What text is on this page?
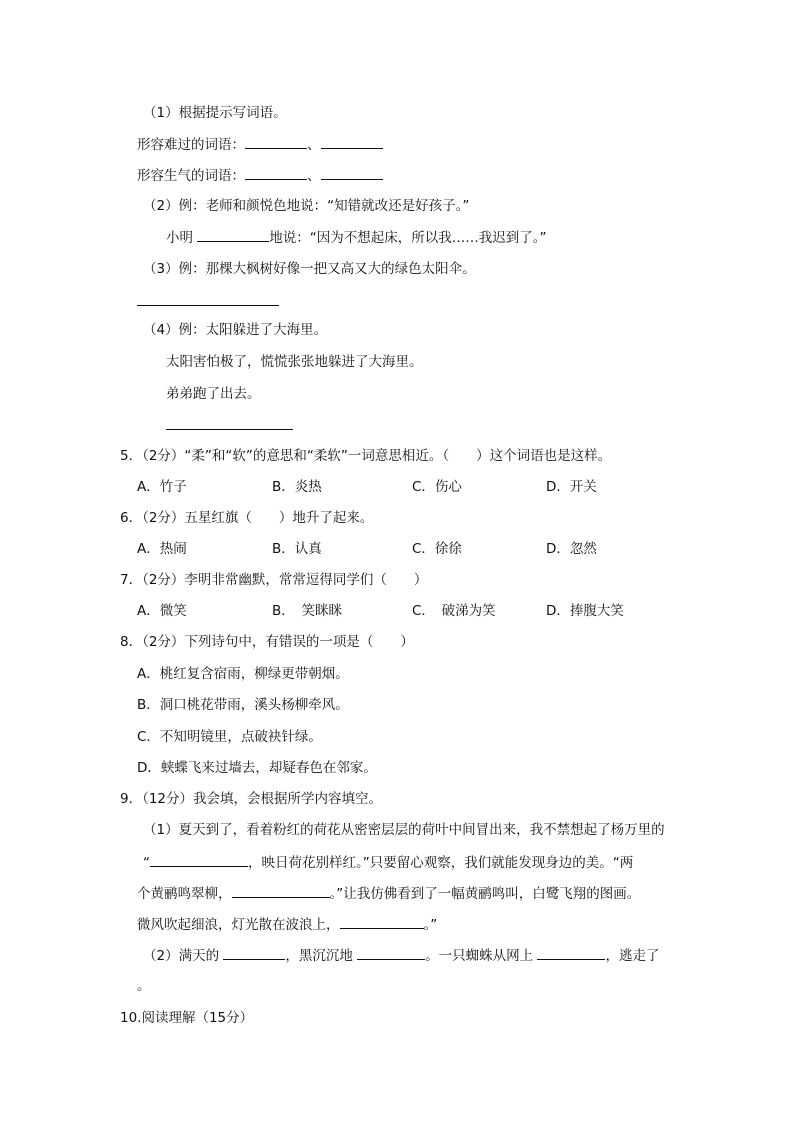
（1）根据提示写词语。
形容难过的词语：	、
形容生气的词语：	、
（2）例：老师和颜悦色地说：“知错就改还是好孩子。”
小明	地说：“因为不想起床，所以我……我迟到了。”
（3）例：那棵大枫树好像一把又高又大的绿色太阳伞。
（4）例：太阳躲进了大海里。
太阳害怕极了，慌慌张张地躲进了大海里。
弟弟跑了出去。
5．（2分）“柔”和“软”的意思和“柔软”一词意思相近。（　　）这个词语也是这样。
A．竹子	B．炎热	C．伤心	D．开关
6．（2分）五星红旗（　　）地升了起来。
A．热闹	B．认真	C．徐徐	D．忽然
7．（2分）李明非常幽默，常常逗得同学们（　　）
A．微笑	B．　笑眯眯	C．　破涕为笑	D．捧腹大笑
8．（2分）下列诗句中，有错误的一项是（　　）
A．桃红复含宿雨，柳绿更带朝烟。
B．洞口桃花带雨，溪头杨柳牵风。
C．不知明镜里，点破袂针绿。
D．蛱蝶飞来过墙去，却疑春色在邻家。
9．（12分）我会填，会根据所学内容填空。
（1）夏天到了，看着粉红的荷花从密密层层的荷叶中间冒出来，我不禁想起了杨万里的
“	，映日荷花别样红。”只要留心观察，我们就能发现身边的美。“两
个黄鹂鸣翠柳，	。”让我仿佛看到了一幅黄鹂鸣叫，白鹭飞翔的图画。
微风吹起细浪，灯光散在波浪上，	。”
（2）满天的	，黑沉沉地	。一只蜘蛛从网上	，逃走了
。
10.阅读理解（15分）
